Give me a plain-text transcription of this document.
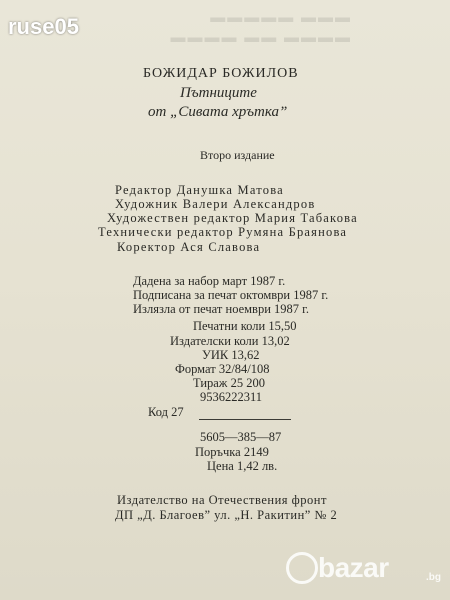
▬▬▬ ▬▬▬▬▬
▬▬▬▬ ▬▬ ▬▬▬▬
ruse05
БОЖИДАР БОЖИЛОВ
Пътниците
от „Сивата хрътка”
Второ издание
Редактор Данушка Матова
Художник Валери Александров
Художествен редактор Мария Табакова
Технически редактор Румяна Браянова
Коректор Ася Славова
Дадена за набор март 1987 г.
Подписана за печат октомври 1987 г.
Излязла от печат ноември 1987 г.
Печатни коли 15,50
Издателски коли 13,02
УИК 13,62
Формат 32/84/108
Тираж 25 200
9536222311
Код 27
5605—385—87
Поръчка 2149
Цена 1,42 лв.
Издателство на Отечествения фронт
ДП „Д. Благоев” ул. „Н. Ракитин” № 2
bazar	.bg
